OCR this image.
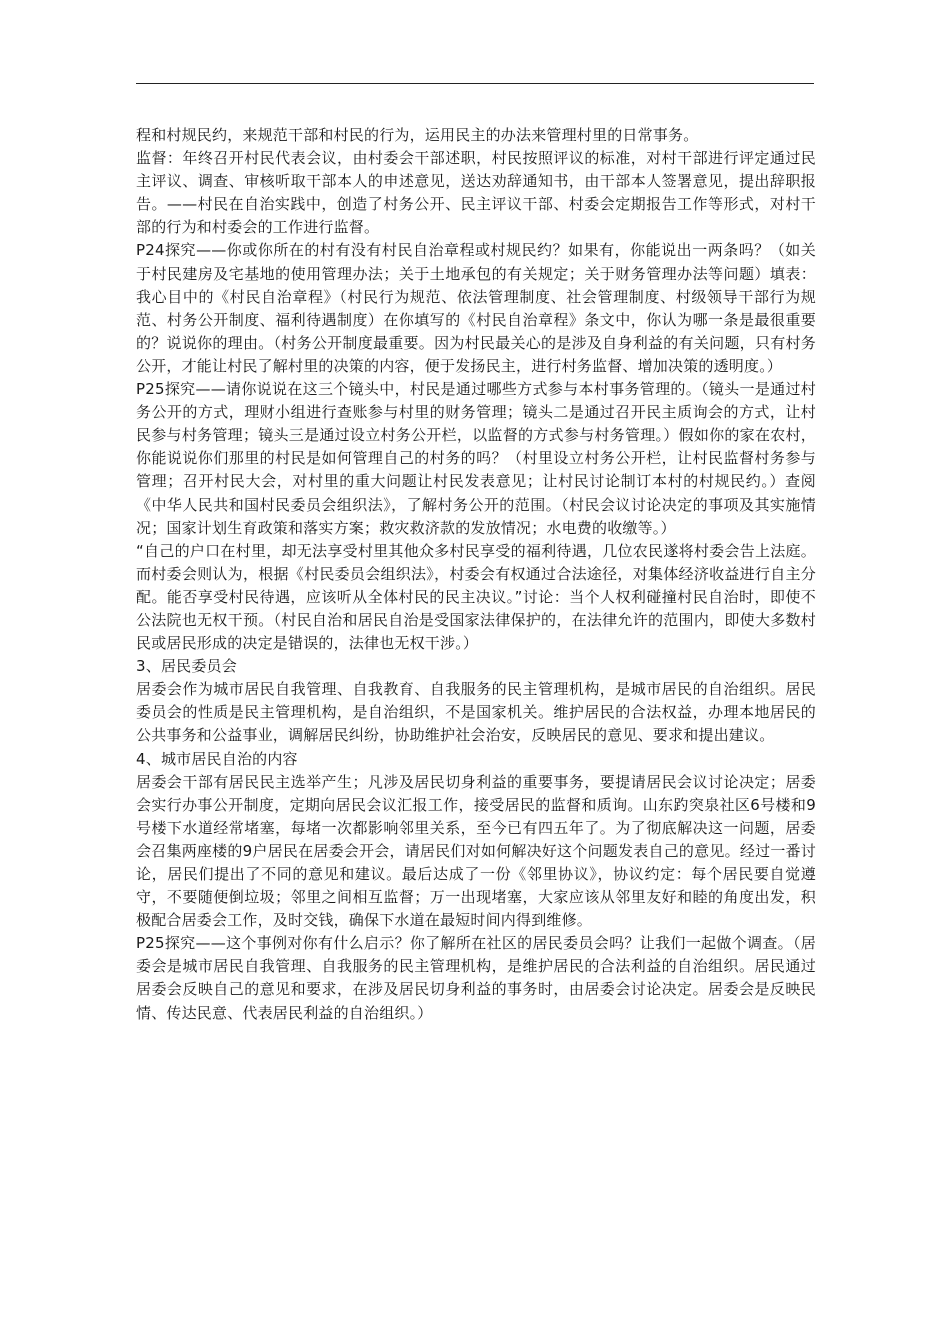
程和村规民约，来规范干部和村民的行为，运用民主的办法来管理村里的日常事务。

监督：年终召开村民代表会议，由村委会干部述职，村民按照评议的标准，对村干部进行评定通过民主评议、调查、审核听取干部本人的申述意见，送达劝辞通知书，由干部本人签署意见，提出辞职报告。——村民在自治实践中，创造了村务公开、民主评议干部、村委会定期报告工作等形式，对村干部的行为和村委会的工作进行监督。

P24探究——你或你所在的村有没有村民自治章程或村规民约？如果有，你能说出一两条吗？（如关于村民建房及宅基地的使用管理办法；关于土地承包的有关规定；关于财务管理办法等问题）填表：我心目中的《村民自治章程》（村民行为规范、依法管理制度、社会管理制度、村级领导干部行为规范、村务公开制度、福利待遇制度）在你填写的《村民自治章程》条文中，你认为哪一条是最很重要的？说说你的理由。（村务公开制度最重要。因为村民最关心的是涉及自身利益的有关问题，只有村务公开，才能让村民了解村里的决策的内容，便于发扬民主，进行村务监督、增加决策的透明度。）

P25探究——请你说说在这三个镜头中，村民是通过哪些方式参与本村事务管理的。（镜头一是通过村务公开的方式，理财小组进行查账参与村里的财务管理；镜头二是通过召开民主质询会的方式，让村民参与村务管理；镜头三是通过设立村务公开栏，以监督的方式参与村务管理。）假如你的家在农村，你能说说你们那里的村民是如何管理自己的村务的吗？（村里设立村务公开栏，让村民监督村务参与管理；召开村民大会，对村里的重大问题让村民发表意见；让村民讨论制订本村的村规民约。）查阅《中华人民共和国村民委员会组织法》，了解村务公开的范围。（村民会议讨论决定的事项及其实施情况；国家计划生育政策和落实方案；救灾救济款的发放情况；水电费的收缴等。）

“自己的户口在村里，却无法享受村里其他众多村民享受的福利待遇，几位农民遂将村委会告上法庭。而村委会则认为，根据《村民委员会组织法》，村委会有权通过合法途径，对集体经济收益进行自主分配。能否享受村民待遇，应该听从全体村民的民主决议。”讨论：当个人权利碰撞村民自治时，即使不公法院也无权干预。（村民自治和居民自治是受国家法律保护的，在法律允许的范围内，即使大多数村民或居民形成的决定是错误的，法律也无权干涉。）

3、居民委员会

居委会作为城市居民自我管理、自我教育、自我服务的民主管理机构，是城市居民的自治组织。居民委员会的性质是民主管理机构，是自治组织，不是国家机关。维护居民的合法权益，办理本地居民的公共事务和公益事业，调解居民纠纷，协助维护社会治安，反映居民的意见、要求和提出建议。

4、城市居民自治的内容

居委会干部有居民民主选举产生；凡涉及居民切身利益的重要事务，要提请居民会议讨论决定；居委会实行办事公开制度，定期向居民会议汇报工作，接受居民的监督和质询。山东趵突泉社区6号楼和9号楼下水道经常堵塞，每堵一次都影响邻里关系，至今已有四五年了。为了彻底解决这一问题，居委会召集两座楼的9户居民在居委会开会，请居民们对如何解决好这个问题发表自己的意见。经过一番讨论，居民们提出了不同的意见和建议。最后达成了一份《邻里协议》，协议约定：每个居民要自觉遵守，不要随便倒垃圾；邻里之间相互监督；万一出现堵塞，大家应该从邻里友好和睦的角度出发，积极配合居委会工作，及时交钱，确保下水道在最短时间内得到维修。

P25探究——这个事例对你有什么启示？你了解所在社区的居民委员会吗？让我们一起做个调查。（居委会是城市居民自我管理、自我服务的民主管理机构，是维护居民的合法利益的自治组织。居民通过居委会反映自己的意见和要求，在涉及居民切身利益的事务时，由居委会讨论决定。居委会是反映民情、传达民意、代表居民利益的自治组织。）
